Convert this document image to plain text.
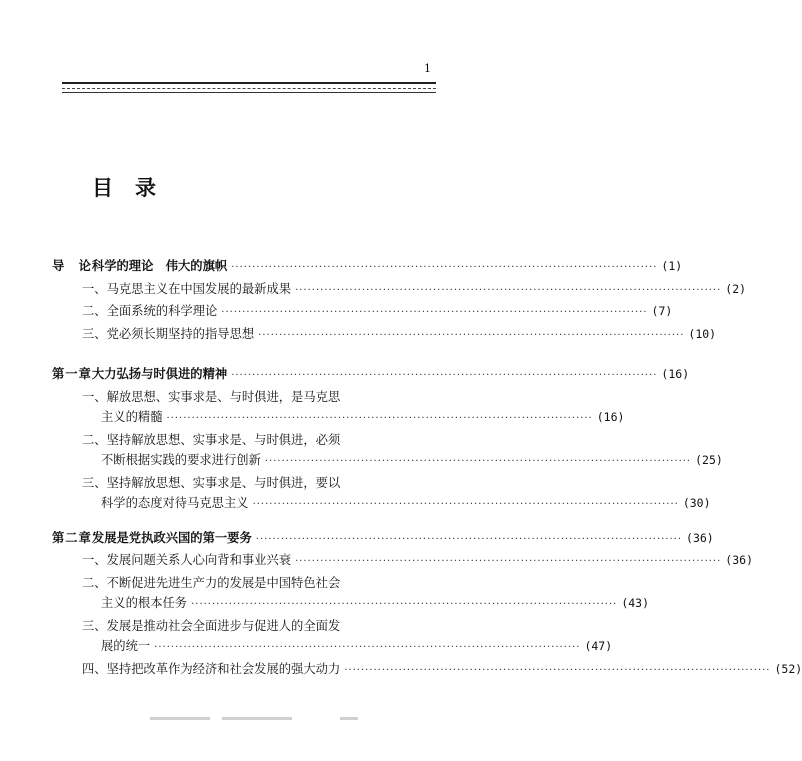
1
目录
导　论 科学的理论　伟大的旗帜 ·····	(1)
一、马克思主义在中国发展的最新成果 ·····	(2)
二、全面系统的科学理论 ·····	(7)
三、党必须长期坚持的指导思想 ·····	(10)
第一章 大力弘扬与时俱进的精神 ·····	(16)
一、解放思想、实事求是、与时俱进，是马克思
主义的精髓 ·····	(16)
二、坚持解放思想、实事求是、与时俱进，必须
不断根据实践的要求进行创新 ·····	(25)
三、坚持解放思想、实事求是、与时俱进，要以
科学的态度对待马克思主义 ·····	(30)
第二章 发展是党执政兴国的第一要务 ·····	(36)
一、发展问题关系人心向背和事业兴衰 ·····	(36)
二、不断促进先进生产力的发展是中国特色社会
主义的根本任务 ·····	(43)
三、发展是推动社会全面进步与促进人的全面发
展的统一 ·····	(47)
四、坚持把改革作为经济和社会发展的强大动力 ·····	(52)
